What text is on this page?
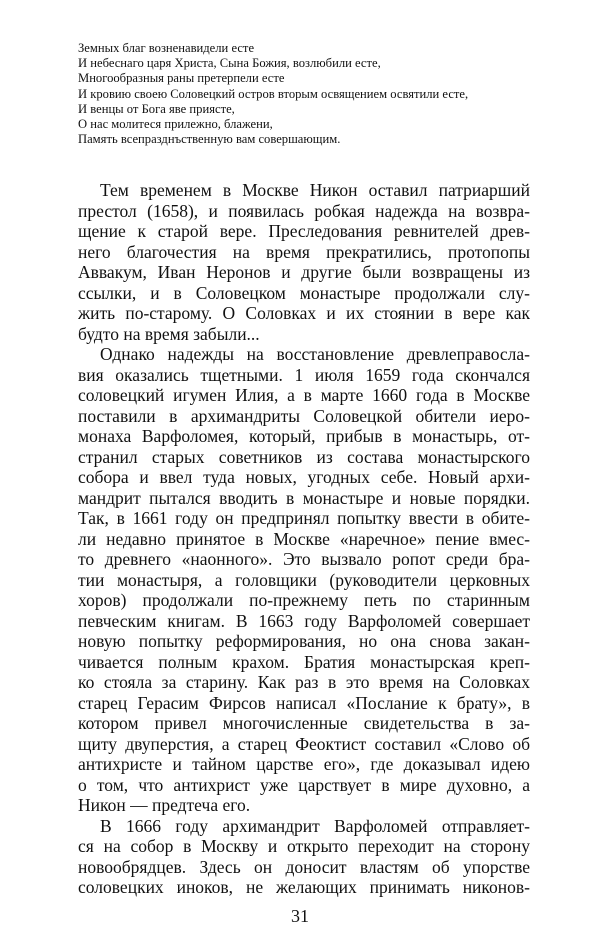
Земных благ возненавидели есте
И небеснаго царя Христа, Сына Божия, возлюбили есте,
Многообразныя раны претерпели есте
И кровию своею Соловецкий остров вторым освящением освятили есте,
И венцы от Бога яве приясте,
О нас молитеся прилежно, блажени,
Память всепразднъственную вам совершающим.
Тем временем в Москве Никон оставил патриарший
престол (1658), и появилась робкая надежда на возвра-
щение к старой вере. Преследования ревнителей древ-
него благочестия на время прекратились, протопопы
Аввакум, Иван Неронов и другие были возвращены из
ссылки, и в Соловецком монастыре продолжали слу-
жить по-старому. О Соловках и их стоянии в вере как
будто на время забыли...
Однако надежды на восстановление древлеправосла-
вия оказались тщетными. 1 июля 1659 года скончался
соловецкий игумен Илия, а в марте 1660 года в Москве
поставили в архимандриты Соловецкой обители иеро-
монаха Варфоломея, который, прибыв в монастырь, от-
странил старых советников из состава монастырского
собора и ввел туда новых, угодных себе. Новый архи-
мандрит пытался вводить в монастыре и новые порядки.
Так, в 1661 году он предпринял попытку ввести в обите-
ли недавно принятое в Москве «наречное» пение вмес-
то древнего «наонного». Это вызвало ропот среди бра-
тии монастыря, а головщики (руководители церковных
хоров) продолжали по-прежнему петь по старинным
певческим книгам. В 1663 году Варфоломей совершает
новую попытку реформирования, но она снова закан-
чивается полным крахом. Братия монастырская креп-
ко стояла за старину. Как раз в это время на Соловках
старец Герасим Фирсов написал «Послание к брату», в
котором привел многочисленные свидетельства в за-
щиту двуперстия, а старец Феоктист составил «Слово об
антихристе и тайном царстве его», где доказывал идею
о том, что антихрист уже царствует в мире духовно, а
Никон — предтеча его.
В 1666 году архимандрит Варфоломей отправляет-
ся на собор в Москву и открыто переходит на сторону
новообрядцев. Здесь он доносит властям об упорстве
соловецких иноков, не желающих принимать никонов-
31
